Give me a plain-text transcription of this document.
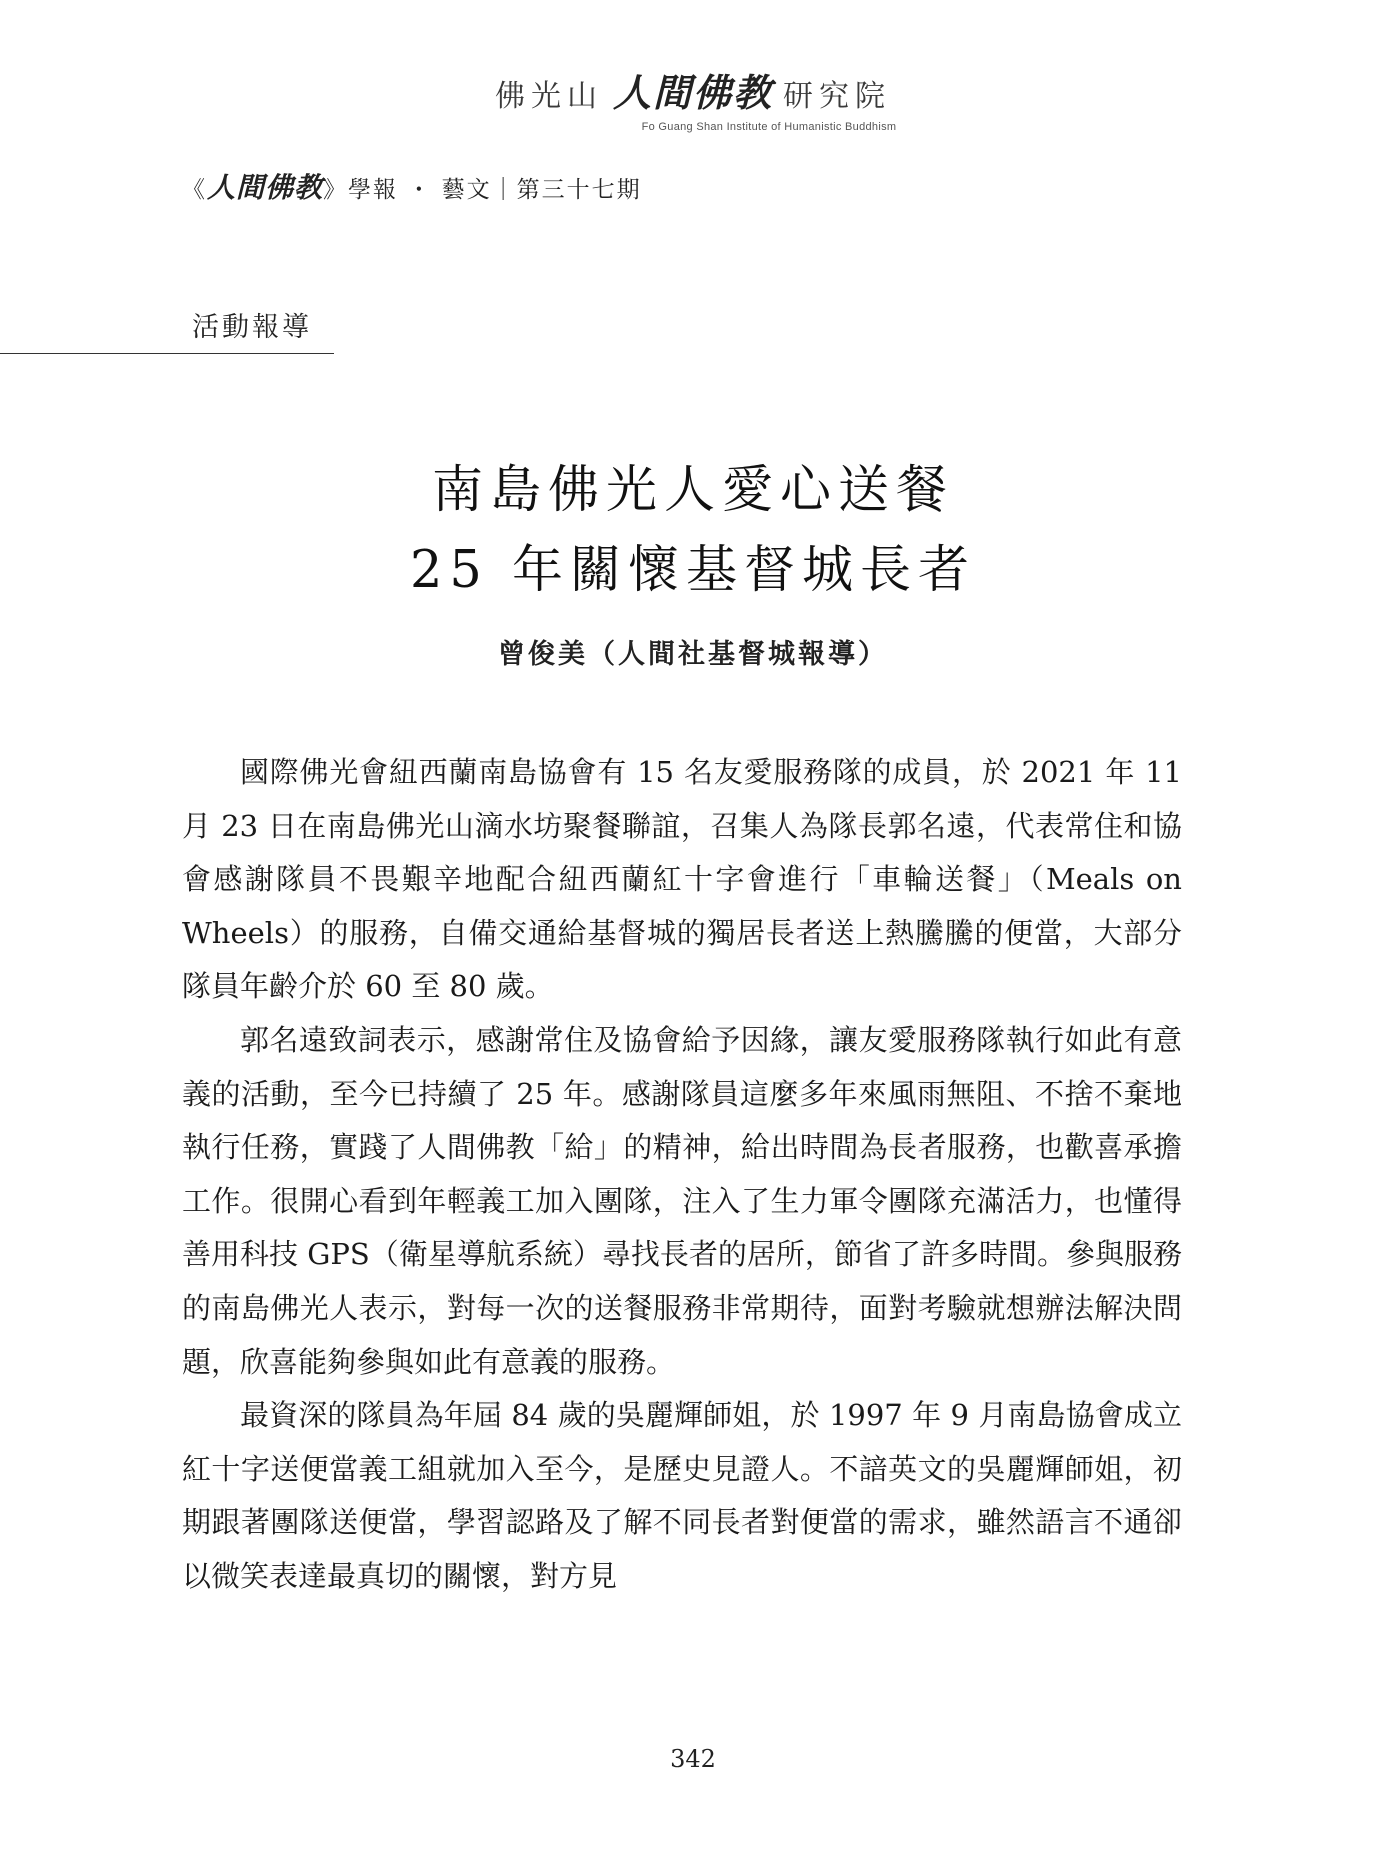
佛光山 人間佛教 研究院
Fo Guang Shan Institute of Humanistic Buddhism
《人間佛教》學報 ・ 藝文｜第三十七期
活動報導
南島佛光人愛心送餐
25 年關懷基督城長者
曾俊美（人間社基督城報導）

國際佛光會紐西蘭南島協會有 15 名友愛服務隊的成員，於 2021 年 11 月 23 日在南島佛光山滴水坊聚餐聯誼，召集人為隊長郭名遠，代表常住和協會感謝隊員不畏艱辛地配合紐西蘭紅十字會進行「車輪送餐」（Meals on Wheels）的服務，自備交通給基督城的獨居長者送上熱騰騰的便當，大部分隊員年齡介於 60 至 80 歲。

郭名遠致詞表示，感謝常住及協會給予因緣，讓友愛服務隊執行如此有意義的活動，至今已持續了 25 年。感謝隊員這麼多年來風雨無阻、不捨不棄地執行任務，實踐了人間佛教「給」的精神，給出時間為長者服務，也歡喜承擔工作。很開心看到年輕義工加入團隊，注入了生力軍令團隊充滿活力，也懂得善用科技 GPS（衛星導航系統）尋找長者的居所，節省了許多時間。參與服務的南島佛光人表示，對每一次的送餐服務非常期待，面對考驗就想辦法解決問題，欣喜能夠參與如此有意義的服務。

最資深的隊員為年屆 84 歲的吳麗輝師姐，於 1997 年 9 月南島協會成立紅十字送便當義工組就加入至今，是歷史見證人。不諳英文的吳麗輝師姐，初期跟著團隊送便當，學習認路及了解不同長者對便當的需求，雖然語言不通卻以微笑表達最真切的關懷，對方見

342
